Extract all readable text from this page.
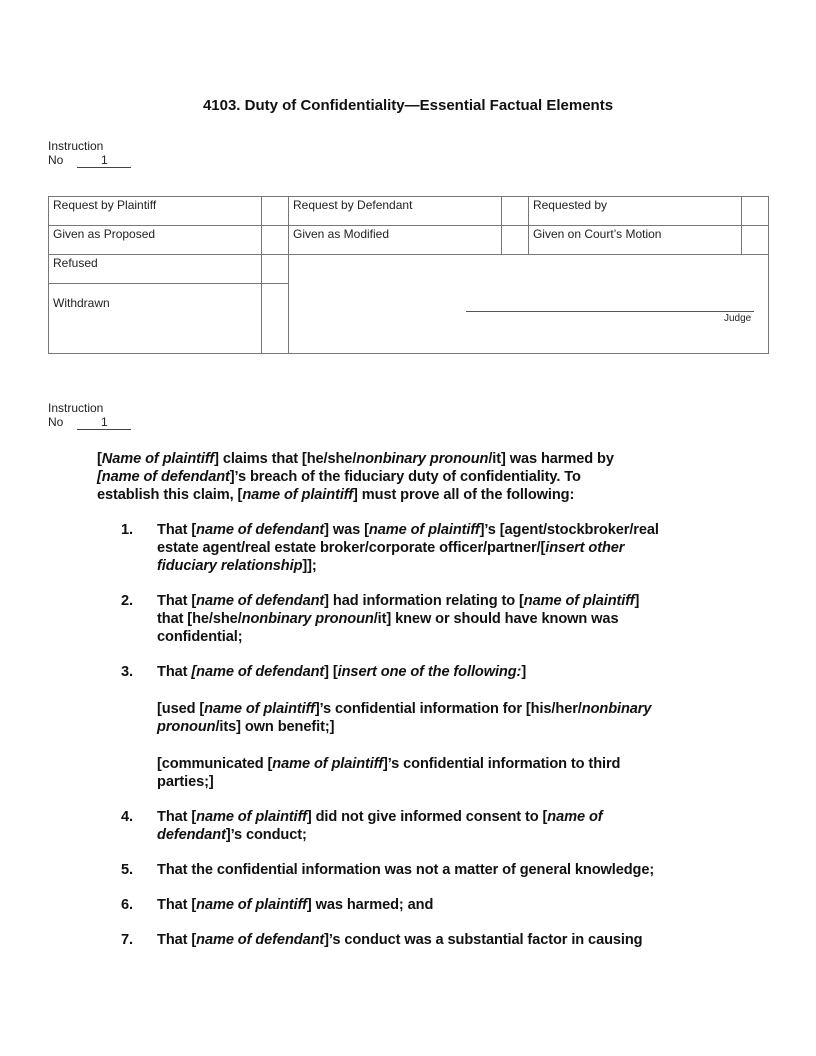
4103. Duty of Confidentiality—Essential Factual Elements
Instruction
No	1
Request by Plaintiff		Request by Defendant		Requested by	
Given as Proposed		Given as Modified		Given on Court’s Motion	
Refused					
Withdrawn					
Judge
Instruction
No	1
[Name of plaintiff] claims that [he/she/nonbinary pronoun/it] was harmed by
[name of defendant]’s breach of the fiduciary duty of confidentiality. To
establish this claim, [name of plaintiff] must prove all of the following:
1. That [name of defendant] was [name of plaintiff]’s [agent/stockbroker/real
estate agent/real estate broker/corporate officer/partner/[insert other
fiduciary relationship]];
2. That [name of defendant] had information relating to [name of plaintiff]
that [he/she/nonbinary pronoun/it] knew or should have known was
confidential;
3. That [name of defendant] [insert one of the following:]
[used [name of plaintiff]’s confidential information for [his/her/nonbinary
pronoun/its] own benefit;]
[communicated [name of plaintiff]’s confidential information to third
parties;]
4. That [name of plaintiff] did not give informed consent to [name of
defendant]’s conduct;
5. That the confidential information was not a matter of general knowledge;
6. That [name of plaintiff] was harmed; and
7. That [name of defendant]’s conduct was a substantial factor in causing
